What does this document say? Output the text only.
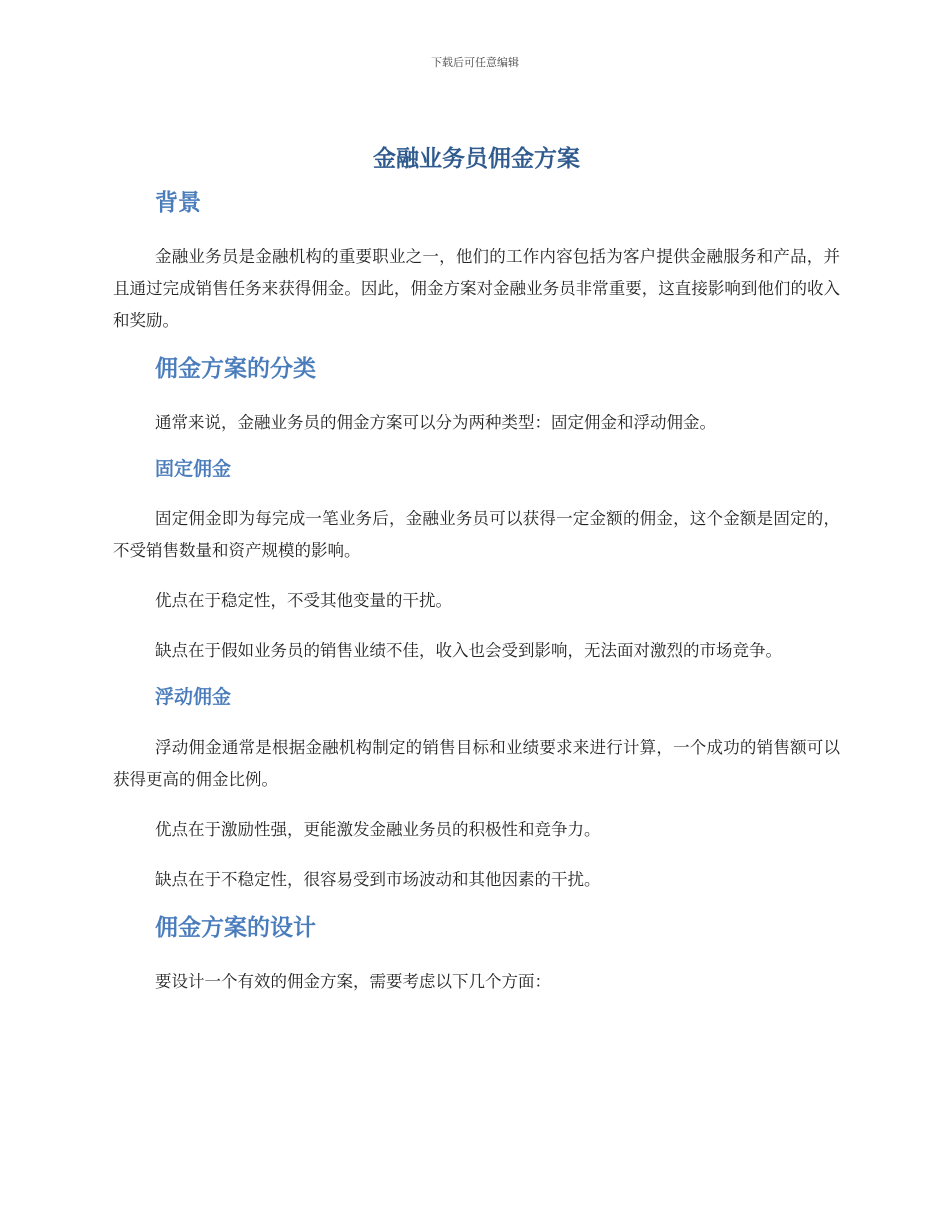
下载后可任意编辑
金融业务员佣金方案
背景

金融业务员是金融机构的重要职业之一，他们的工作内容包括为客户提供金融服务和产品，并且通过完成销售任务来获得佣金。因此，佣金方案对金融业务员非常重要，这直接影响到他们的收入和奖励。

佣金方案的分类

通常来说，金融业务员的佣金方案可以分为两种类型：固定佣金和浮动佣金。

固定佣金

固定佣金即为每完成一笔业务后，金融业务员可以获得一定金额的佣金，这个金额是固定的，不受销售数量和资产规模的影响。

优点在于稳定性，不受其他变量的干扰。

缺点在于假如业务员的销售业绩不佳，收入也会受到影响，无法面对激烈的市场竞争。

浮动佣金

浮动佣金通常是根据金融机构制定的销售目标和业绩要求来进行计算，一个成功的销售额可以获得更高的佣金比例。

优点在于激励性强，更能激发金融业务员的积极性和竞争力。

缺点在于不稳定性，很容易受到市场波动和其他因素的干扰。

佣金方案的设计

要设计一个有效的佣金方案，需要考虑以下几个方面：
